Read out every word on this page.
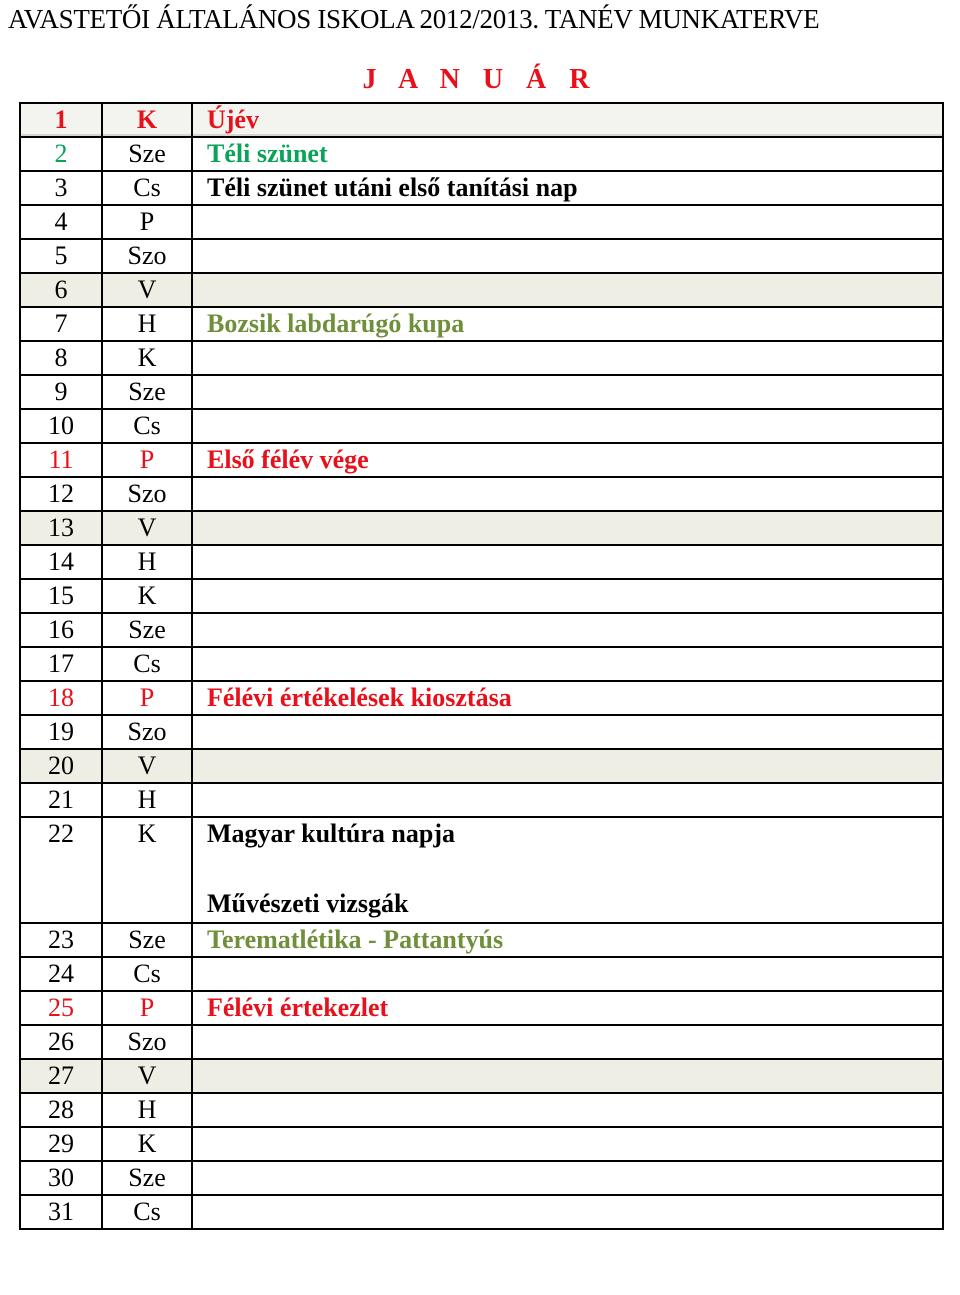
AVASTETŐI ÁLTALÁNOS ISKOLA 2012/2013. TANÉV MUNKATERVE
J A N U Á R
1	K	Újév

2	Sze	Téli szünet

3	Cs	Téli szünet utáni első tanítási nap

4	P	
5	Szo	
6	V	
7	H	Bozsik labdarúgó kupa

8	K	
9	Sze	
10	Cs	
11	P	Első félév vége

12	Szo	
13	V	
14	H	
15	K	
16	Sze	
17	Cs	
18	P	Félévi értékelések kiosztása

19	Szo	
20	V	
21	H	
22	K	Magyar kultúra napja
Művészeti vizsgák

23	Sze	Terematlétika - Pattantyús

24	Cs	
25	P	Félévi értekezlet

26	Szo	
27	V	
28	H	
29	K	
30	Sze	
31	Cs	
